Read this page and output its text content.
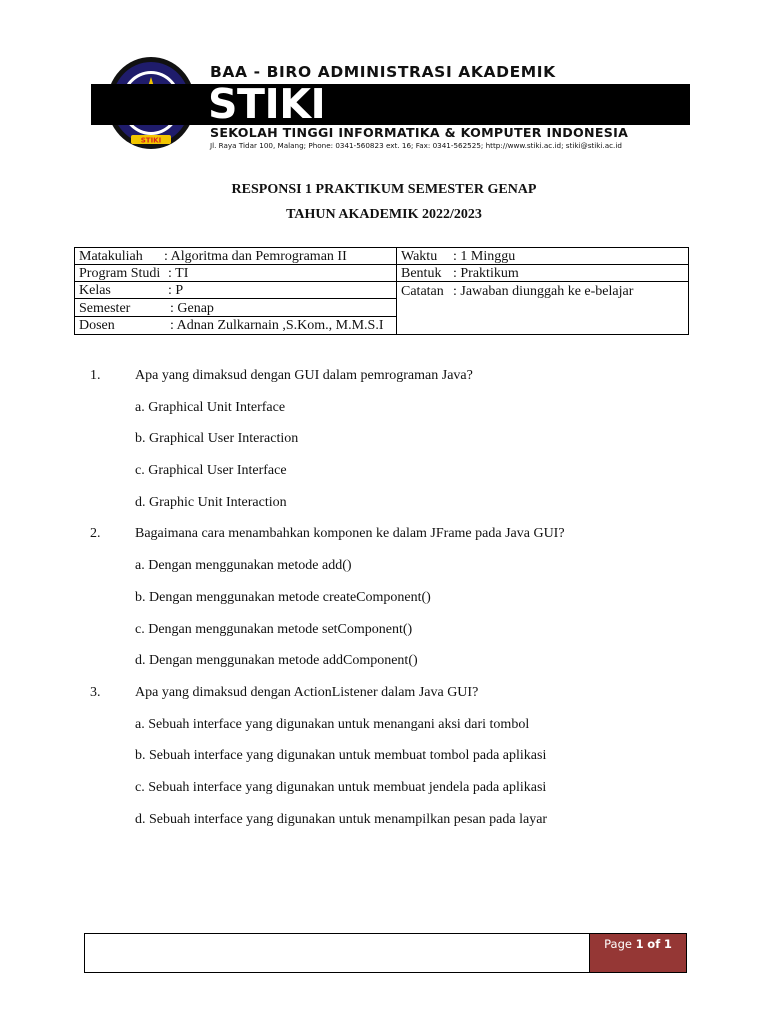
STIKI
BAA - BIRO ADMINISTRASI AKADEMIK
STIKI
SEKOLAH TINGGI INFORMATIKA & KOMPUTER INDONESIA
Jl. Raya Tidar 100, Malang; Phone: 0341-560823 ext. 16; Fax: 0341-562525; http://www.stiki.ac.id; stiki@stiki.ac.id
RESPONSI 1 PRAKTIKUM SEMESTER GENAP
TAHUN AKADEMIK 2022/2023
Matakuliah : Algoritma dan Pemrograman II
Program Studi : TI
Kelas	: P
Semester	: Genap
Dosen	: Adnan Zulkarnain ,S.Kom., M.M.S.I
Waktu : 1 Minggu
Bentuk : Praktikum
Catatan : Jawaban diunggah ke e-belajar
1. Apa yang dimaksud dengan GUI dalam pemrograman Java?
a. Graphical Unit Interface
b. Graphical User Interaction
c. Graphical User Interface
d. Graphic Unit Interaction
2. Bagaimana cara menambahkan komponen ke dalam JFrame pada Java GUI?
a. Dengan menggunakan metode add()
b. Dengan menggunakan metode createComponent()
c. Dengan menggunakan metode setComponent()
d. Dengan menggunakan metode addComponent()
3. Apa yang dimaksud dengan ActionListener dalam Java GUI?
a. Sebuah interface yang digunakan untuk menangani aksi dari tombol
b. Sebuah interface yang digunakan untuk membuat tombol pada aplikasi
c. Sebuah interface yang digunakan untuk membuat jendela pada aplikasi
d. Sebuah interface yang digunakan untuk menampilkan pesan pada layar
Page 1 of 1
